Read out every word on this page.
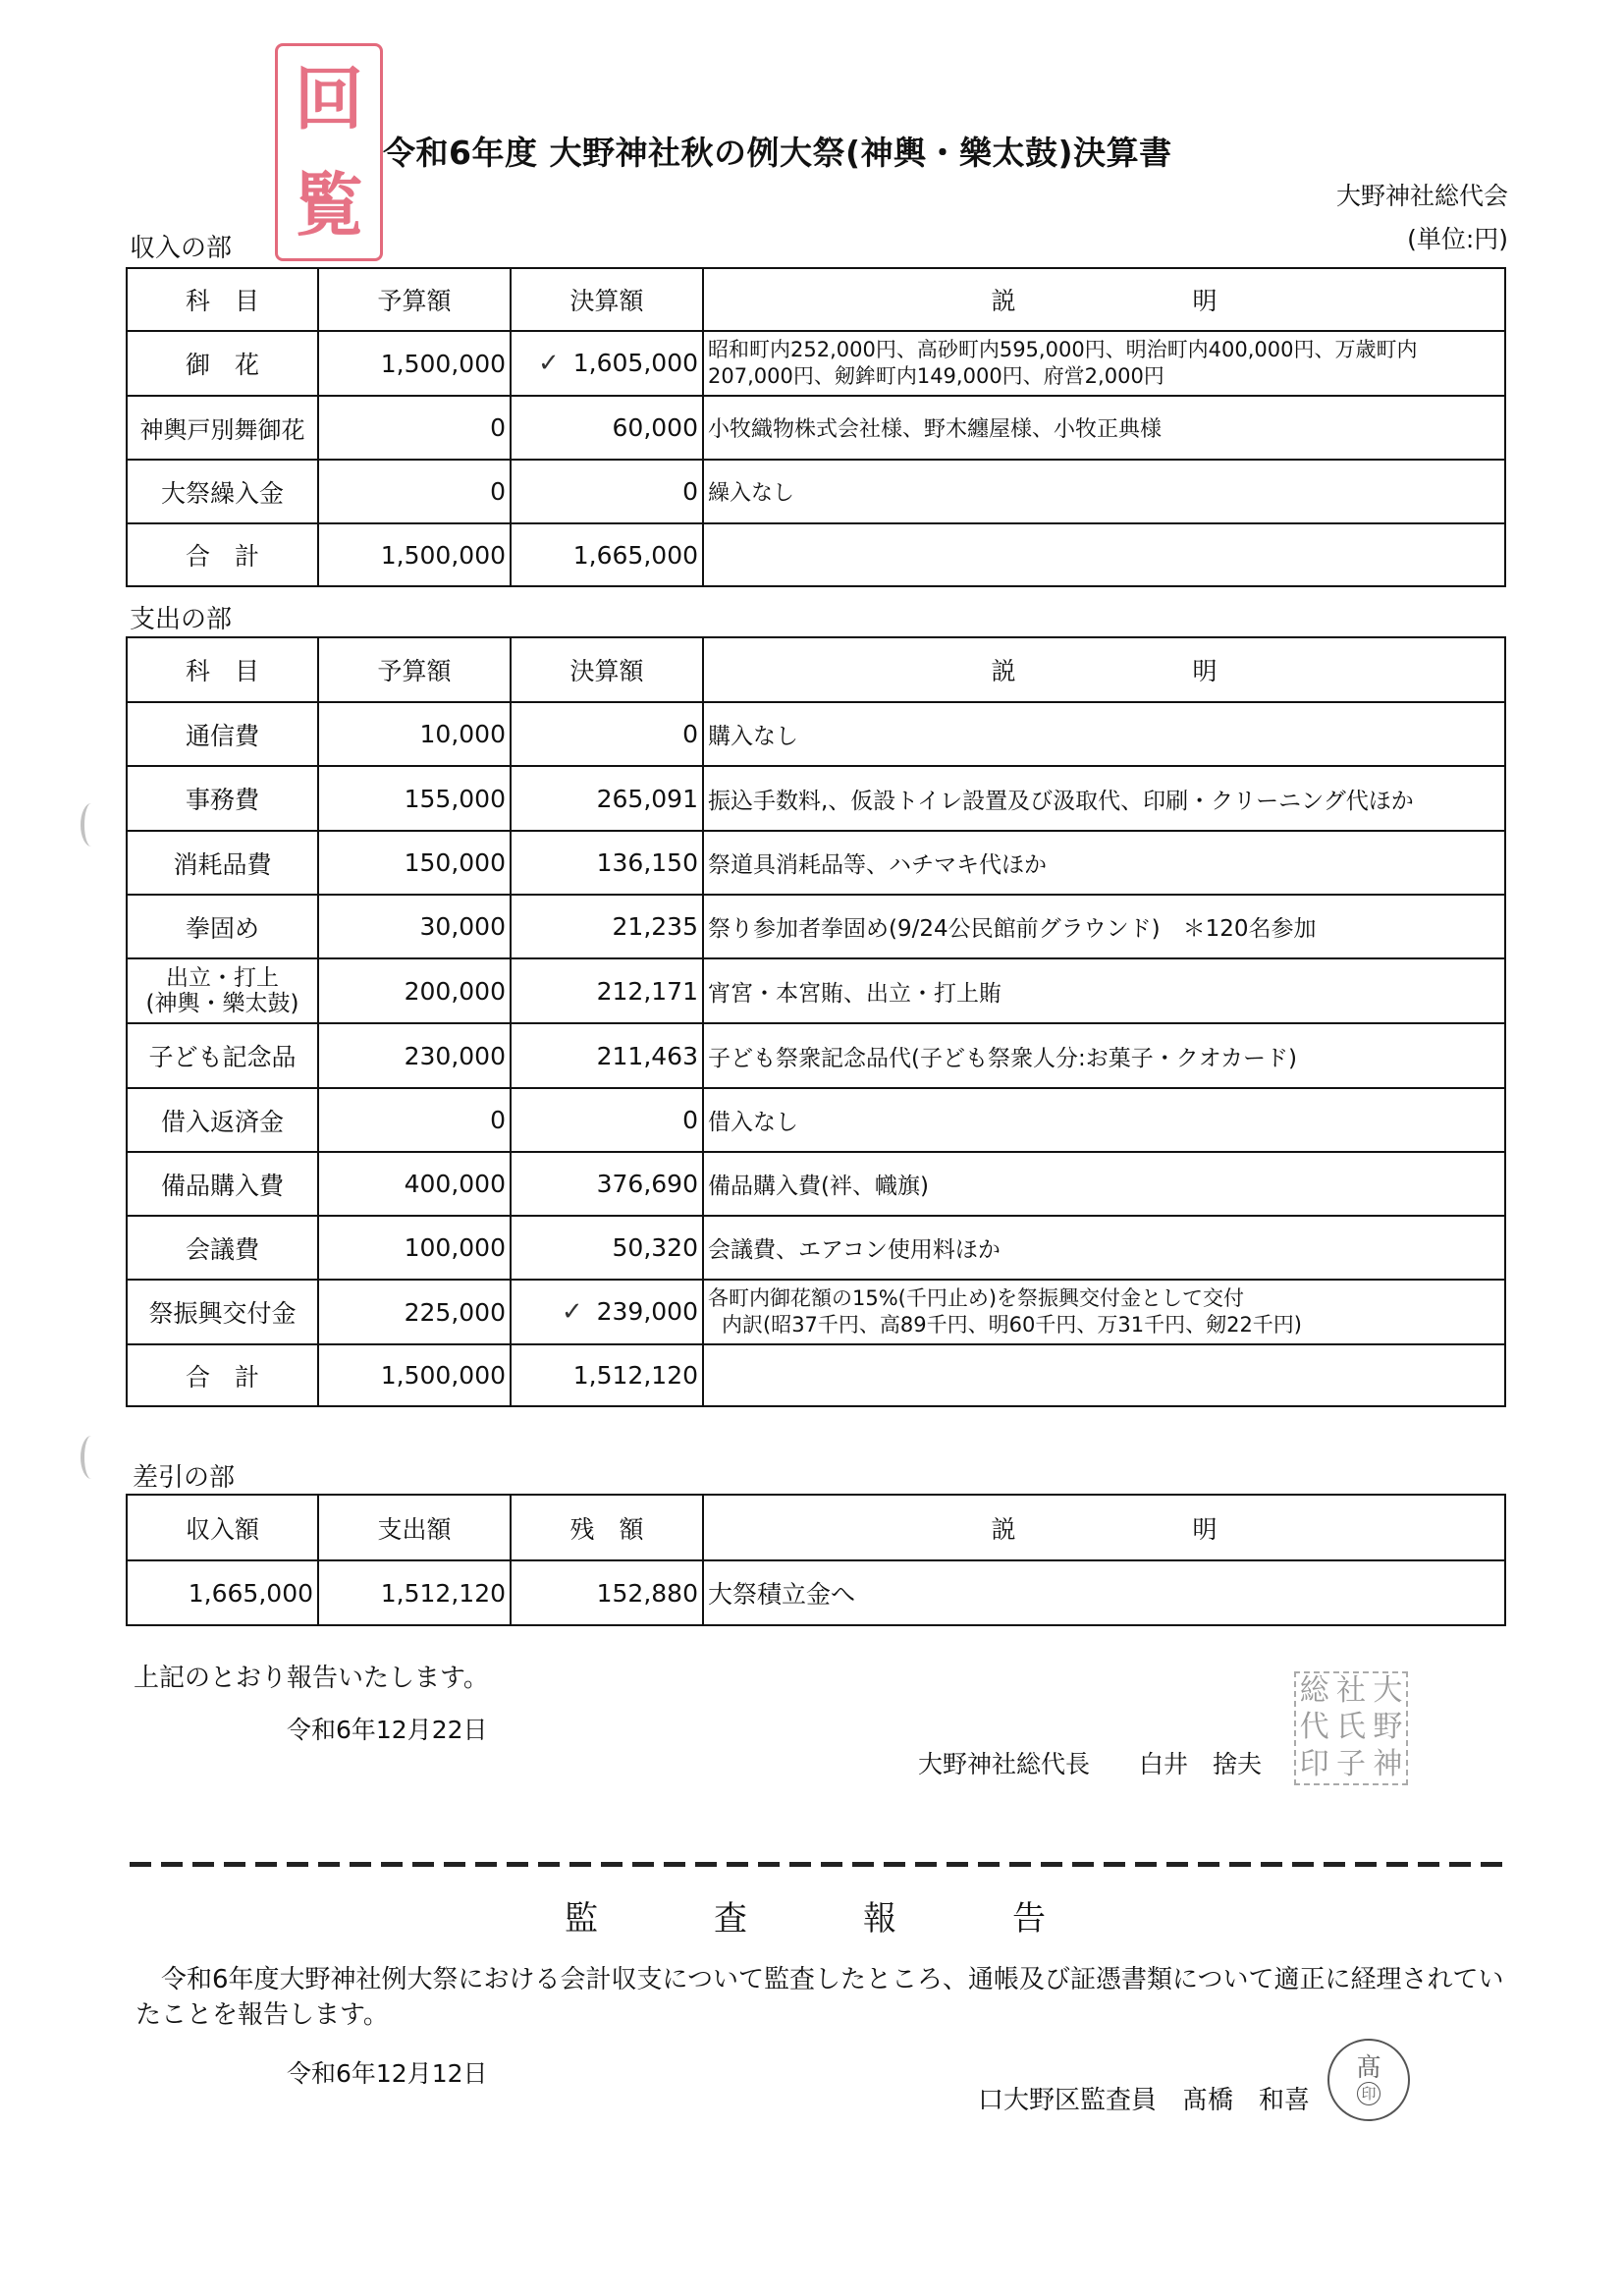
回
覧
令和6年度 大野神社秋の例大祭(神輿・樂太鼓)決算書
大野神社総代会
(単位:円)
収入の部
科　目	予算額	決算額	説 明

御　花	1,500,000	✓ 1,605,000	昭和町内252,000円、高砂町内595,000円、明治町内400,000円、万歳町内207,000円、剱鉾町内149,000円、府営2,000円
神輿戸別舞御花	0	60,000	小牧織物株式会社様、野木纏屋様、小牧正典様
大祭繰入金	0	0	繰入なし
合　計	1,500,000	1,665,000	
支出の部
科　目	予算額	決算額	説 明

通信費	10,000	0	購入なし
事務費	155,000	265,091	振込手数料,、仮設トイレ設置及び汲取代、印刷・クリーニング代ほか
消耗品費	150,000	136,150	祭道具消耗品等、ハチマキ代ほか
拳固め	30,000	21,235	祭り参加者拳固め(9/24公民館前グラウンド)　＊120名参加

出立・打上
(神輿・樂太鼓)	200,000	212,171	宵宮・本宮賄、出立・打上賄
子ども記念品	230,000	211,463	子ども祭衆記念品代(子ども祭衆人分:お菓子・クオカード)
借入返済金	0	0	借入なし
備品購入費	400,000	376,690	備品購入費(袢、幟旗)
会議費	100,000	50,320	会議費、エアコン使用料ほか
祭振興交付金	225,000	✓ 239,000	各町内御花額の15%(千円止め)を祭振興交付金として交付
内訳(昭37千円、高89千円、明60千円、万31千円、剱22千円)

合　計	1,500,000	1,512,120	
差引の部
収入額	支出額	残　額	説 明

1,665,000	1,512,120	152,880	大祭積立金へ
上記のとおり報告いたします。
令和6年12月22日
大野神社総代長　　白井　捨夫
総 社 大
代 氏 野
印 子 神
監	査	報	告
令和6年度大野神社例大祭における会計収支について監査したところ、通帳及び証憑書類について適正に経理されていたことを報告します。
令和6年12月12日
口大野区監査員　髙橋　和喜
髙
印
